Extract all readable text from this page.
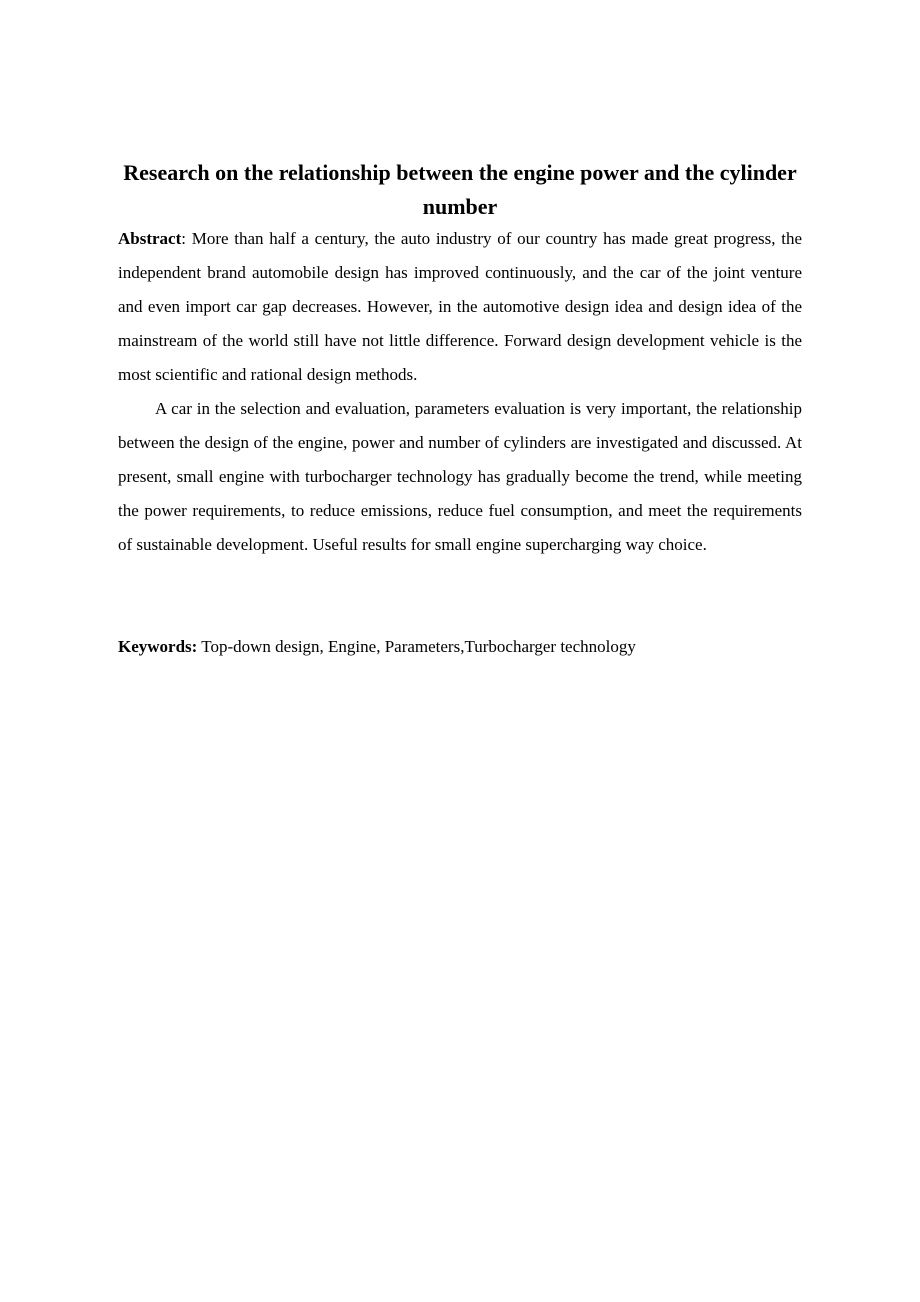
Research on the relationship between the engine power and the cylinder number

Abstract: More than half a century, the auto industry of our country has made great progress, the independent brand automobile design has improved continuously, and the car of the joint venture and even import car gap decreases. However, in the automotive design idea and design idea of the mainstream of the world still have not little difference. Forward design development vehicle is the most scientific and rational design methods.

A car in the selection and evaluation, parameters evaluation is very important, the relationship between the design of the engine, power and number of cylinders are investigated and discussed. At present, small engine with turbocharger technology has gradually become the trend, while meeting the power requirements, to reduce emissions, reduce fuel consumption, and meet the requirements of sustainable development. Useful results for small engine supercharging way choice.

Keywords: Top-down design, Engine, Parameters,Turbocharger technology
